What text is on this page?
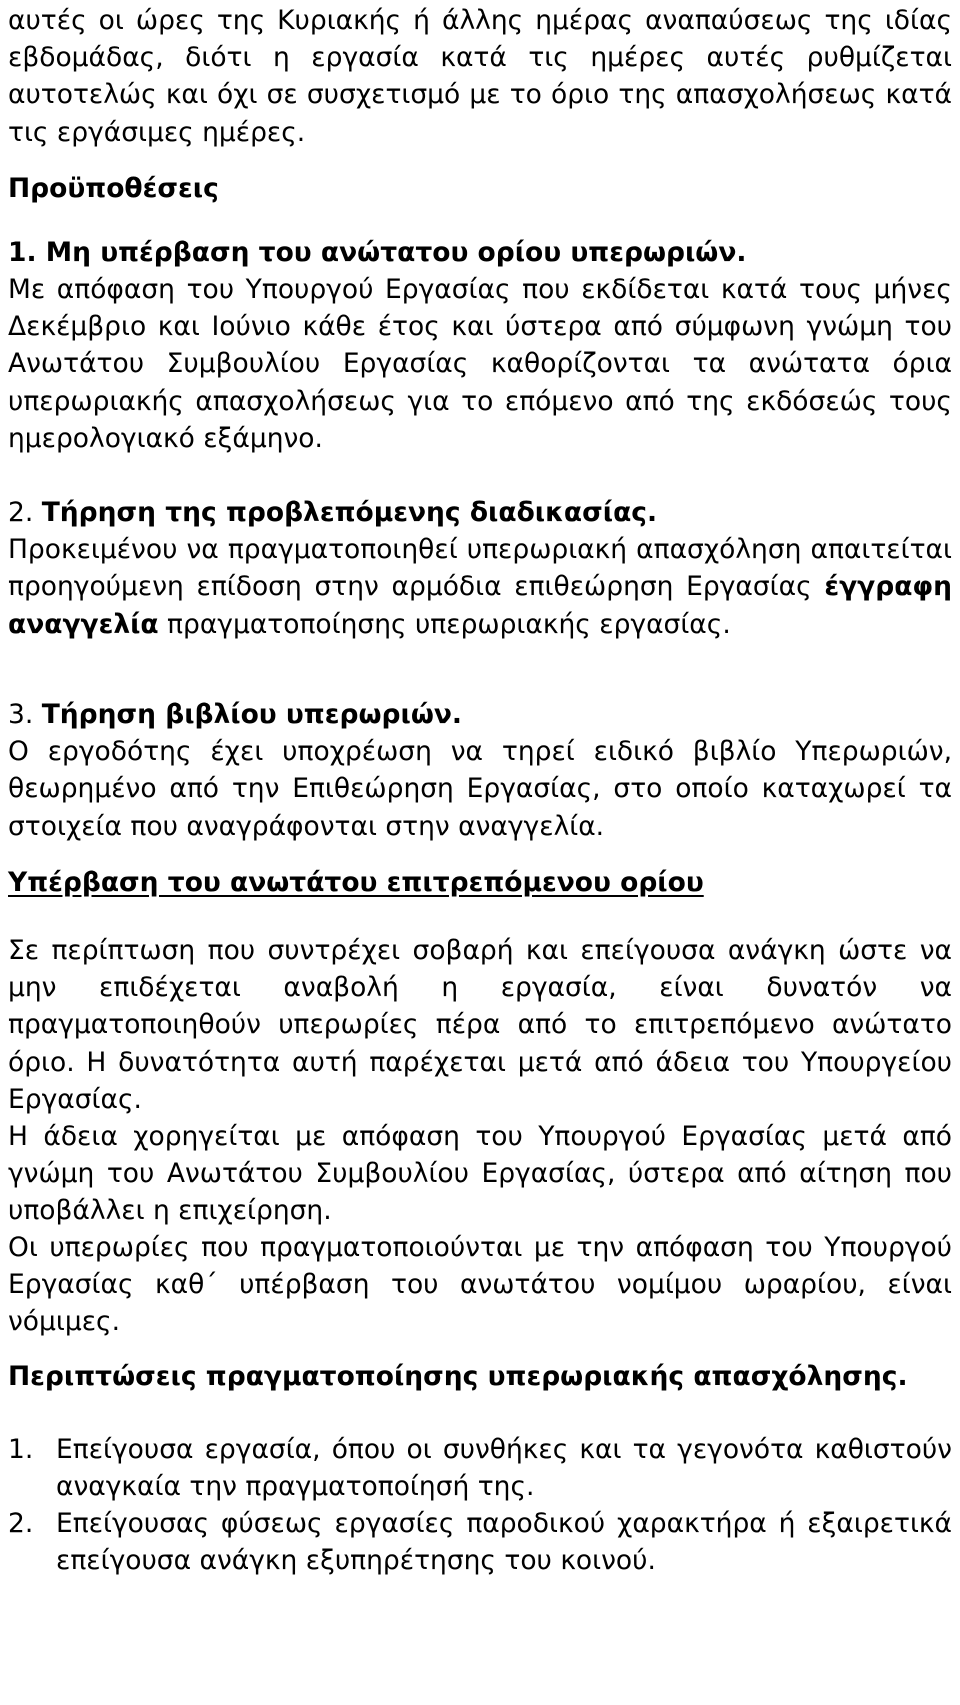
αυτές οι ώρες της Κυριακής ή άλλης ημέρας αναπαύσεως της ιδίας εβδομάδας, διότι η εργασία κατά τις ημέρες αυτές ρυθμίζεται αυτοτελώς και όχι σε συσχετισμό με το όριο της απασχολήσεως κατά τις εργάσιμες ημέρες.

Προϋποθέσεις

1. Μη υπέρβαση του ανώτατου ορίου υπερωριών.

Με απόφαση του Υπουργού Εργασίας που εκδίδεται κατά τους μήνες Δεκέμβριο και Ιούνιο κάθε έτος και ύστερα από σύμφωνη γνώμη του Ανωτάτου Συμβουλίου Εργασίας καθορίζονται τα ανώτατα όρια υπερωριακής απασχολήσεως για το επόμενο από της εκδόσεώς τους ημερολογιακό εξάμηνο.

2. Τήρηση της προβλεπόμενης διαδικασίας.
Προκειμένου να πραγματοποιηθεί υπερωριακή απασχόληση απαιτείται προηγούμενη επίδοση στην αρμόδια επιθεώρηση Εργασίας έγγραφη αναγγελία πραγματοποίησης υπερωριακής εργασίας.

3. Τήρηση βιβλίου υπερωριών.
Ο εργοδότης έχει υποχρέωση να τηρεί ειδικό βιβλίο Υπερωριών, θεωρημένο από την Επιθεώρηση Εργασίας, στο οποίο καταχωρεί τα στοιχεία που αναγράφονται στην αναγγελία.

Υπέρβαση του ανωτάτου επιτρεπόμενου ορίου

Σε περίπτωση που συντρέχει σοβαρή και επείγουσα ανάγκη ώστε να μην επιδέχεται αναβολή η εργασία, είναι δυνατόν να πραγματοποιηθούν υπερωρίες πέρα από το επιτρεπόμενο ανώτατο όριο. Η δυνατότητα αυτή παρέχεται μετά από άδεια του Υπουργείου Εργασίας.

Η άδεια χορηγείται με απόφαση του Υπουργού Εργασίας μετά από γνώμη του Ανωτάτου Συμβουλίου Εργασίας, ύστερα από αίτηση που υποβάλλει η επιχείρηση.

Οι υπερωρίες που πραγματοποιούνται με την απόφαση του Υπουργού Εργασίας καθ΄ υπέρβαση του ανωτάτου νομίμου ωραρίου, είναι νόμιμες.

Περιπτώσεις πραγματοποίησης υπερωριακής απασχόλησης.

1. Επείγουσα εργασία, όπου οι συνθήκες και τα γεγονότα καθιστούν αναγκαία την πραγματοποίησή της.
2. Επείγουσας φύσεως εργασίες παροδικού χαρακτήρα ή εξαιρετικά επείγουσα ανάγκη εξυπηρέτησης του κοινού.
